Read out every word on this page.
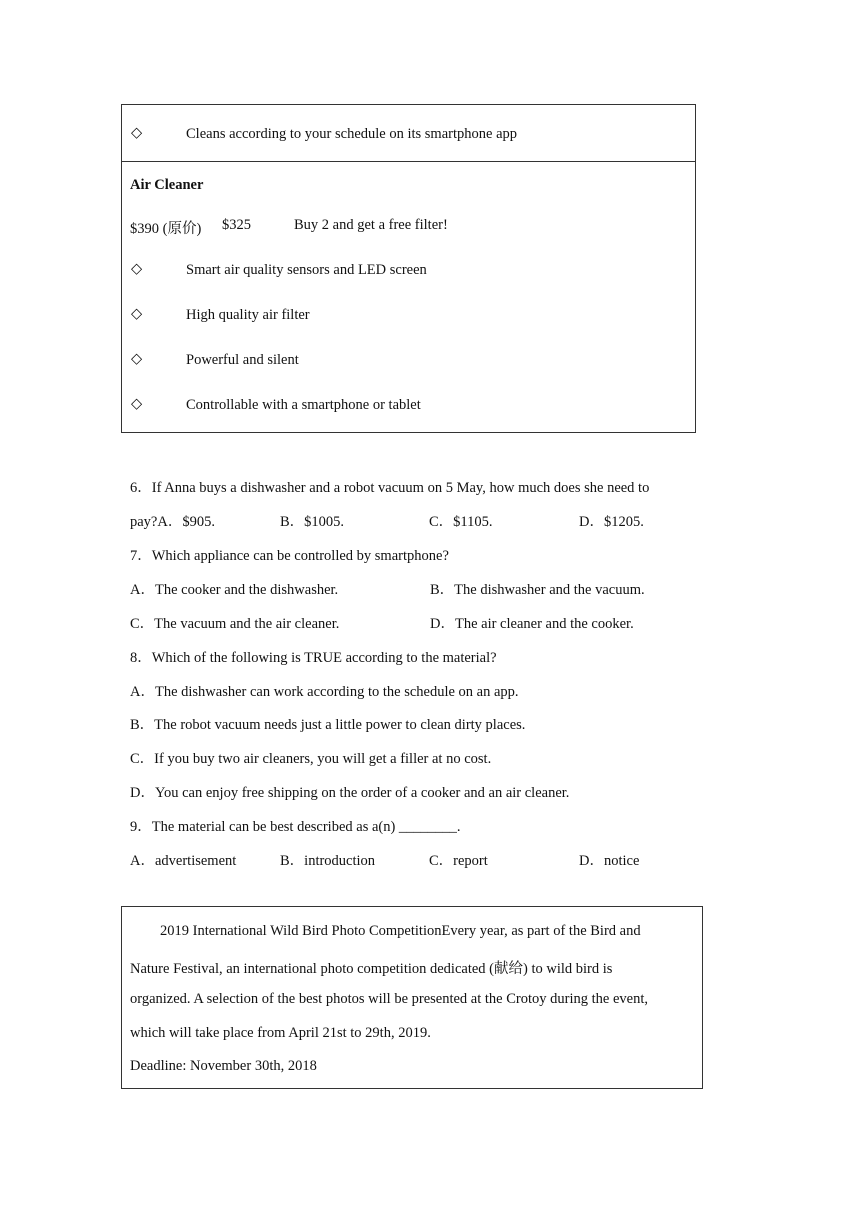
◇	Cleans according to your schedule on its smartphone app
Air Cleaner
$390 (原价) $325	Buy 2 and get a free filter!
◇	Smart air quality sensors and LED screen
◇	High quality air filter
◇	Powerful and silent
◇	Controllable with a smartphone or tablet
6．If Anna buys a dishwasher and a robot vacuum on 5 May, how much does she need to
pay?A．$905.	B．$1005.	C．$1105.	D．$1205.
7．Which appliance can be controlled by smartphone?
A．The cooker and the dishwasher.	B．The dishwasher and the vacuum.
C．The vacuum and the air cleaner.	D．The air cleaner and the cooker.
8．Which of the following is TRUE according to the material?
A．The dishwasher can work according to the schedule on an app.
B．The robot vacuum needs just a little power to clean dirty places.
C．If you buy two air cleaners, you will get a filler at no cost.
D．You can enjoy free shipping on the order of a cooker and an air cleaner.
9．The material can be best described as a(n) ________.
A．advertisement	B．introduction	C．report	D．notice
2019 International Wild Bird Photo CompetitionEvery year, as part of the Bird and
Nature Festival, an international photo competition dedicated (献给) to wild bird is
organized. A selection of the best photos will be presented at the Crotoy during the event,
which will take place from April 21st to 29th, 2019.
Deadline: November 30th, 2018
